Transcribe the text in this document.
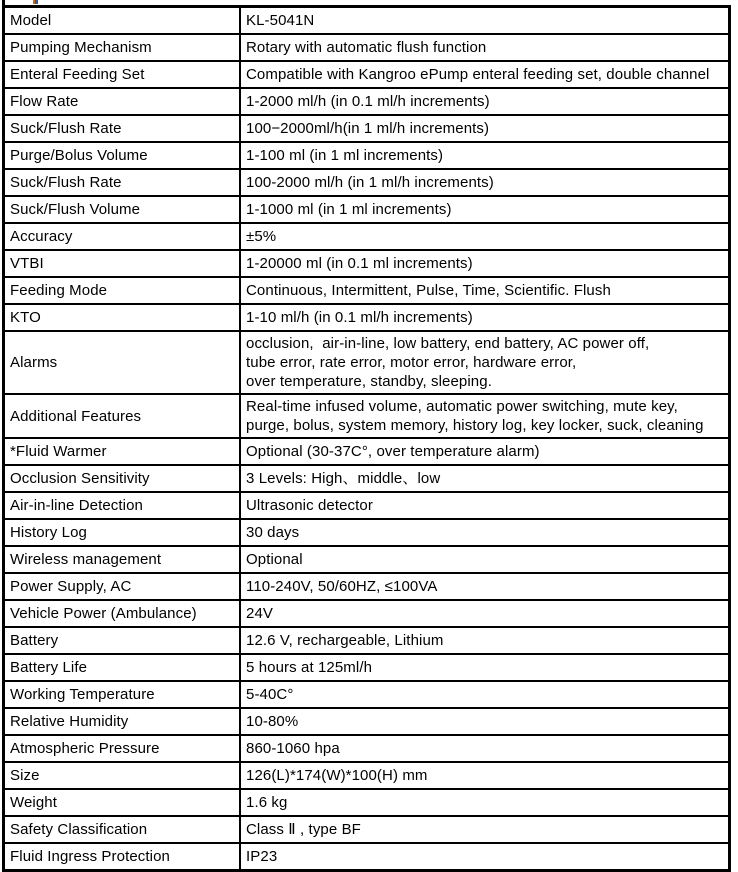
Model	KL-5041N
Pumping Mechanism	Rotary with automatic flush function
Enteral Feeding Set	Compatible with Kangroo ePump enteral feeding set, double channel
Flow Rate	1-2000 ml/h (in 0.1 ml/h increments)
Suck/Flush Rate	100−2000ml/h(in 1 ml/h increments)
Purge/Bolus Volume	1-100 ml (in 1 ml increments)
Suck/Flush Rate	100-2000 ml/h (in 1 ml/h increments)
Suck/Flush Volume	1-1000 ml (in 1 ml increments)
Accuracy	±5%
VTBI	1-20000 ml (in 0.1 ml increments)
Feeding Mode	Continuous, Intermittent, Pulse, Time, Scientific. Flush
KTO	1-10 ml/h (in 0.1 ml/h increments)
Alarms	occlusion,  air-in-line, low battery, end battery, AC power off,
tube error, rate error, motor error, hardware error,
over temperature, standby, sleeping.

Additional Features	Real-time infused volume, automatic power switching, mute key,
purge, bolus, system memory, history log, key locker, suck, cleaning

*Fluid Warmer	Optional (30-37C°, over temperature alarm)
Occlusion Sensitivity	3 Levels: High、middle、low
Air-in-line Detection	Ultrasonic detector
History Log	30 days
Wireless management	Optional
Power Supply, AC	110-240V, 50/60HZ, ≤100VA
Vehicle Power (Ambulance)	24V
Battery	12.6 V, rechargeable, Lithium
Battery Life	5 hours at 125ml/h
Working Temperature	5-40C°
Relative Humidity	10-80%
Atmospheric Pressure	860-1060 hpa
Size	126(L)*174(W)*100(H) mm
Weight	1.6 kg
Safety Classification	Class Ⅱ , type BF
Fluid Ingress Protection	IP23
